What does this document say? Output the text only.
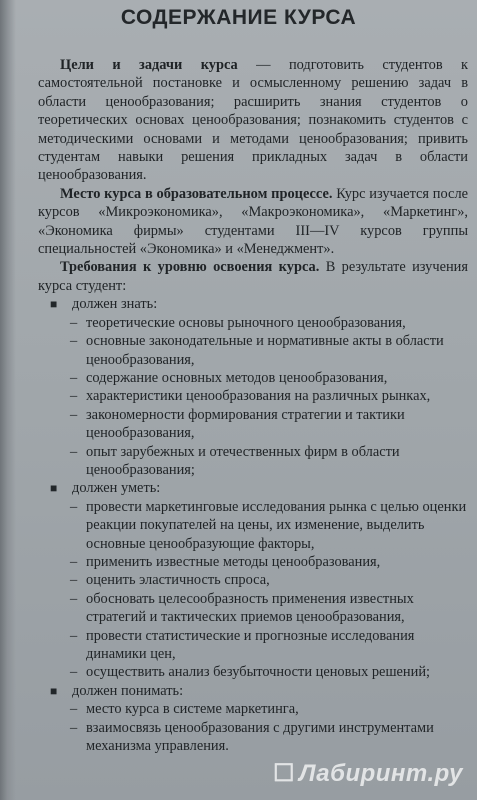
СОДЕРЖАНИЕ КУРСА

Цели и задачи курса — подготовить студентов к самостоятельной постановке и осмысленному решению задач в области ценообразования; расширить знания студентов о теоретических основах ценообразования; познакомить студентов с методическими основами и методами ценообразования; привить студентам навыки решения прикладных задач в области ценообразования.

Место курса в образовательном процессе. Курс изучается после курсов «Микроэкономика», «Макроэкономика», «Маркетинг», «Экономика фирмы» студентами III—IV курсов группы специальностей «Экономика» и «Менеджмент».

Требования к уровню освоения курса. В результате изучения курса студент:

■	должен знать:
– теоретические основы рыночного ценообразования,
– основные законодательные и нормативные акты в области ценообразования,
– содержание основных методов ценообразования,
– характеристики ценообразования на различных рынках,
– закономерности формирования стратегии и тактики ценообразования,
– опыт зарубежных и отечественных фирм в области ценообразования;
■	должен уметь:
– провести маркетинговые исследования рынка с целью оценки реакции покупателей на цены, их изменение, выделить основные ценообразующие факторы,
– применить известные методы ценообразования,
– оценить эластичность спроса,
– обосновать целесообразность применения известных стратегий и тактических приемов ценообразования,
– провести статистические и прогнозные исследования динамики цен,
– осуществить анализ безубыточности ценовых решений;
■	должен понимать:
– место курса в системе маркетинга,
– взаимосвязь ценообразования с другими инструментами механизма управления.
☐ Лабиринт.ру
